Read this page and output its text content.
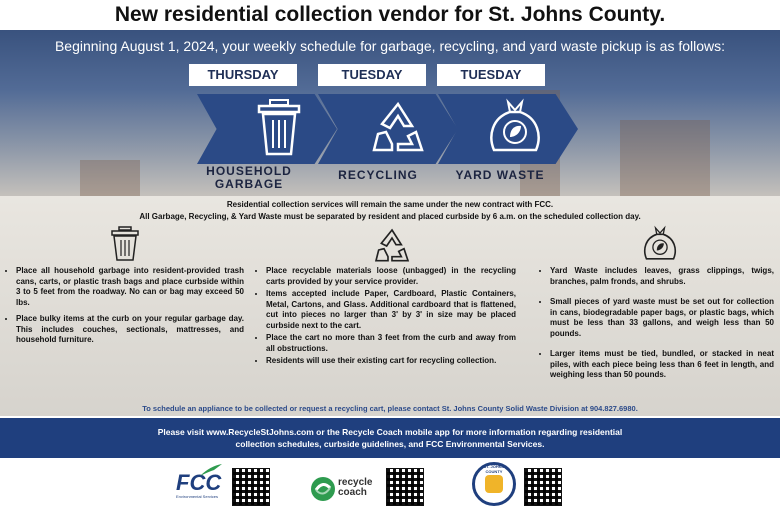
New residential collection vendor for St. Johns County.
Beginning August 1, 2024, your weekly schedule for garbage, recycling, and yard waste pickup is as follows:
THURSDAY	TUESDAY	TUESDAY
HOUSEHOLD
GARBAGE
RECYCLING	YARD WASTE
Residential collection services will remain the same under the new contract with FCC.
All Garbage, Recycling, & Yard Waste must be separated by resident and placed curbside by 6 a.m. on the scheduled collection day.
• Place all household garbage into resident-provided trash cans, carts, or plastic trash bags and place curbside within 3 to 5 feet from the roadway. No can or bag may exceed 50 lbs.
• Place bulky items at the curb on your regular garbage day. This includes couches, sectionals, mattresses, and household furniture.
• Place recyclable materials loose (unbagged) in the recycling carts provided by your service provider.
• Items accepted include Paper, Cardboard, Plastic Containers, Metal, Cartons, and Glass. Additional cardboard that is flattened, cut into pieces no larger than 3' by 3' in size may be placed curbside next to the cart.
• Place the cart no more than 3 feet from the curb and away from all obstructions.
• Residents will use their existing cart for recycling collection.
• Yard Waste includes leaves, grass clippings, twigs, branches, palm fronds, and shrubs.
• Small pieces of yard waste must be set out for collection in cans, biodegradable paper bags, or plastic bags, which must be less than 33 gallons, and weigh less than 50 pounds.
• Larger items must be tied, bundled, or stacked in neat piles, with each piece being less than 6 feet in length, and weighing less than 50 pounds.
To schedule an appliance to be collected or request a recycling cart, please contact St. Johns County Solid Waste Division at 904.827.6980.
Please visit www.RecycleStJohns.com or the Recycle Coach mobile app for more information regarding residential
collection schedules, curbside guidelines, and FCC Environmental Services.
FCC
Environmental Services
recycle
coach
ST. JOHNS COUNTY
